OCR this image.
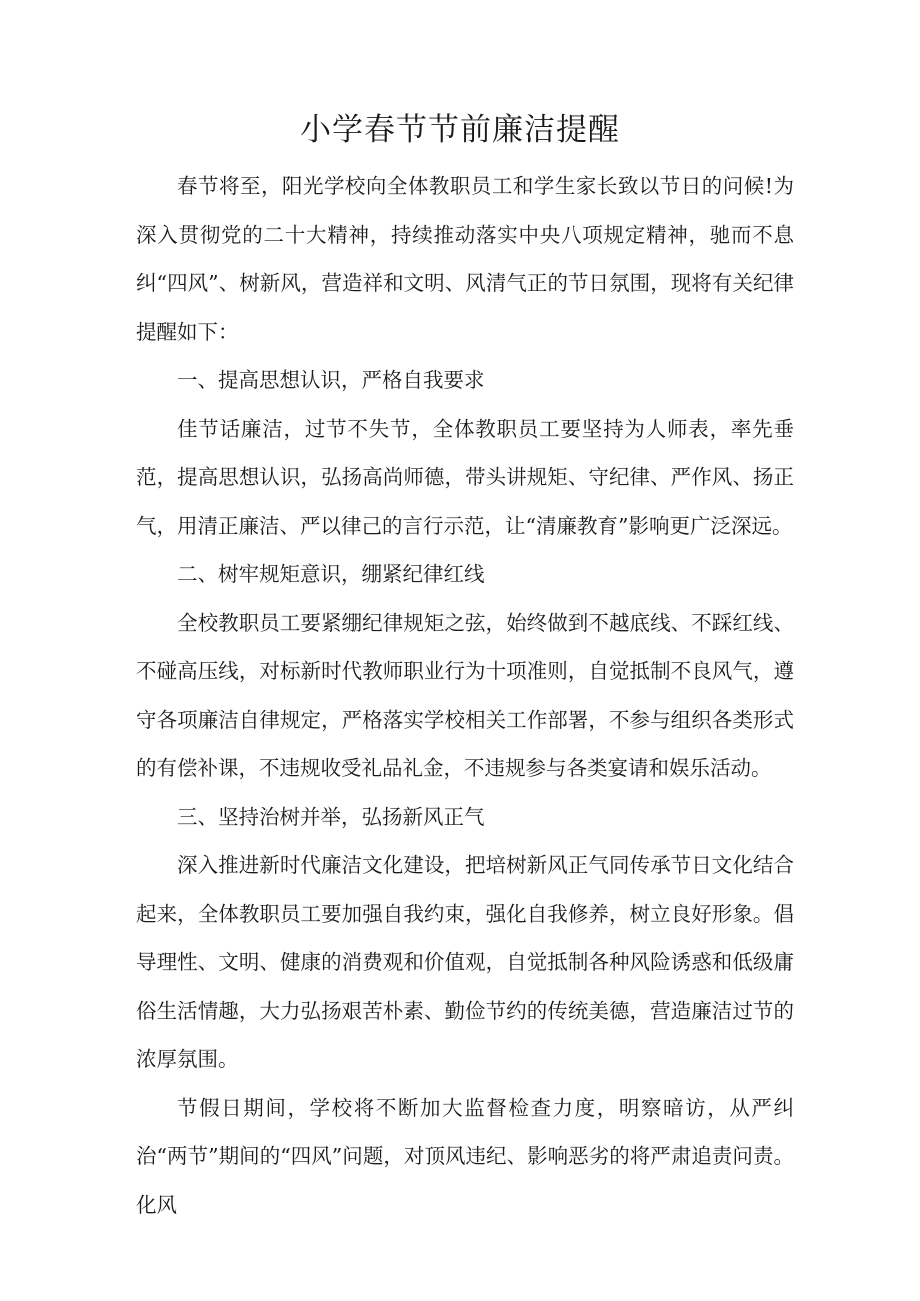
小学春节节前廉洁提醒

春节将至，阳光学校向全体教职员工和学生家长致以节日的问候!为深入贯彻党的二十大精神，持续推动落实中央八项规定精神，驰而不息纠“四风”、树新风，营造祥和文明、风清气正的节日氛围，现将有关纪律提醒如下：

一、提高思想认识，严格自我要求

佳节话廉洁，过节不失节，全体教职员工要坚持为人师表，率先垂范，提高思想认识，弘扬高尚师德，带头讲规矩、守纪律、严作风、扬正气，用清正廉洁、严以律己的言行示范，让“清廉教育”影响更广泛深远。

二、树牢规矩意识，绷紧纪律红线

全校教职员工要紧绷纪律规矩之弦，始终做到不越底线、不踩红线、不碰高压线，对标新时代教师职业行为十项准则，自觉抵制不良风气，遵守各项廉洁自律规定，严格落实学校相关工作部署，不参与组织各类形式的有偿补课，不违规收受礼品礼金，不违规参与各类宴请和娱乐活动。

三、坚持治树并举，弘扬新风正气

深入推进新时代廉洁文化建设，把培树新风正气同传承节日文化结合起来，全体教职员工要加强自我约束，强化自我修养，树立良好形象。倡导理性、文明、健康的消费观和价值观，自觉抵制各种风险诱惑和低级庸俗生活情趣，大力弘扬艰苦朴素、勤俭节约的传统美德，营造廉洁过节的浓厚氛围。

节假日期间，学校将不断加大监督检查力度，明察暗访，从严纠治“两节”期间的“四风”问题，对顶风违纪、影响恶劣的将严肃追责问责。化风
